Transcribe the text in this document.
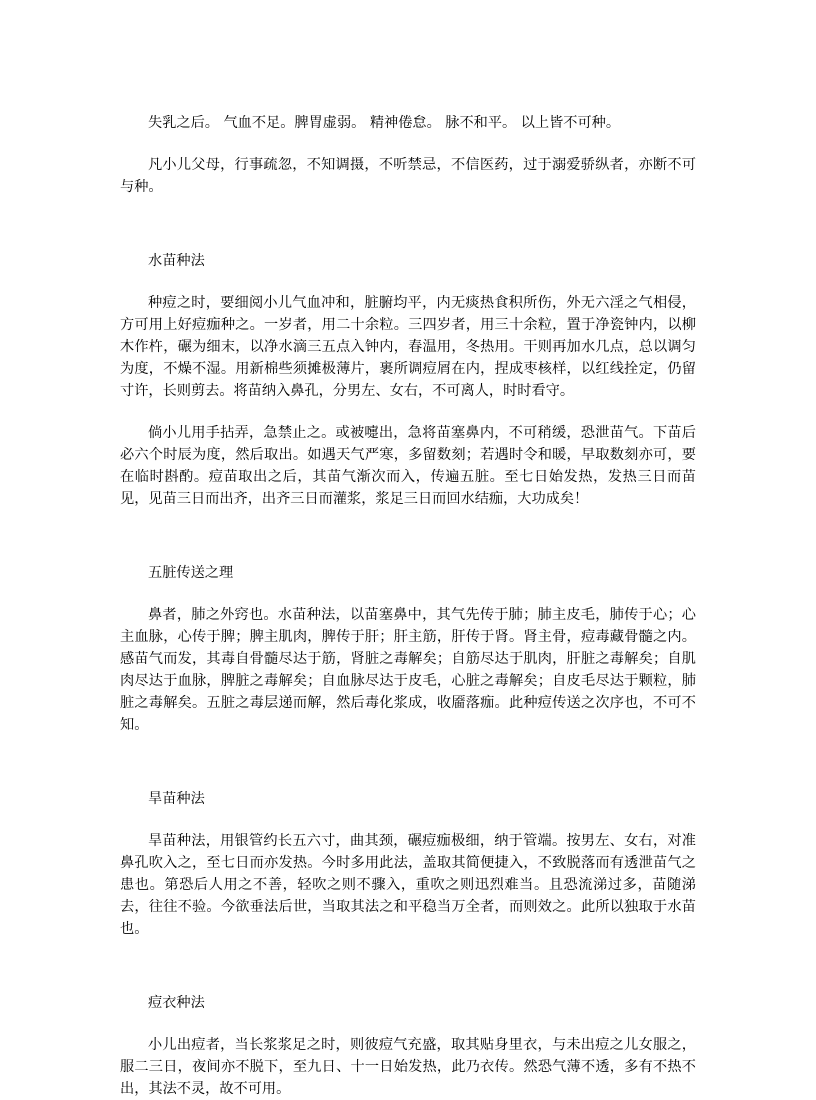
失乳之后。 气血不足。脾胃虚弱。 精神倦怠。 脉不和平。 以上皆不可种。

凡小儿父母，行事疏忽，不知调摄，不听禁忌，不信医药，过于溺爱骄纵者，亦断不可与种。

水苗种法

种痘之时，要细阅小儿气血冲和，脏腑均平，内无痰热食积所伤，外无六淫之气相侵，方可用上好痘痂种之。一岁者，用二十余粒。三四岁者，用三十余粒，置于净瓷钟内，以柳木作杵，碾为细末，以净水滴三五点入钟内，春温用，冬热用。干则再加水几点，总以调匀为度，不燥不湿。用新棉些须摊极薄片，裹所调痘屑在内，捏成枣核样，以红线拴定，仍留寸许，长则剪去。将苗纳入鼻孔，分男左、女右，不可离人，时时看守。

倘小儿用手拈弄，急禁止之。或被嚏出，急将苗塞鼻内，不可稍缓，恐泄苗气。下苗后必六个时辰为度，然后取出。如遇天气严寒，多留数刻；若遇时令和暖，早取数刻亦可，要在临时斟酌。痘苗取出之后，其苗气渐次而入，传遍五脏。至七日始发热，发热三日而苗见，见苗三日而出齐，出齐三日而灌浆，浆足三日而回水结痂，大功成矣！

五脏传送之理

鼻者，肺之外窍也。水苗种法，以苗塞鼻中，其气先传于肺；肺主皮毛，肺传于心；心主血脉，心传于脾；脾主肌肉，脾传于肝；肝主筋，肝传于肾。肾主骨，痘毒藏骨髓之内。感苗气而发，其毒自骨髓尽达于筋，肾脏之毒解矣；自筋尽达于肌肉，肝脏之毒解矣；自肌肉尽达于血脉，脾脏之毒解矣；自血脉尽达于皮毛，心脏之毒解矣；自皮毛尽达于颗粒，肺脏之毒解矣。五脏之毒层递而解，然后毒化浆成，收靥落痂。此种痘传送之次序也，不可不知。

旱苗种法

旱苗种法，用银管约长五六寸，曲其颈，碾痘痂极细，纳于管端。按男左、女右，对准鼻孔吹入之，至七日而亦发热。今时多用此法，盖取其简便捷入，不致脱落而有透泄苗气之患也。第恐后人用之不善，轻吹之则不骤入，重吹之则迅烈难当。且恐流涕过多，苗随涕去，往往不验。今欲垂法后世，当取其法之和平稳当万全者，而则效之。此所以独取于水苗也。

痘衣种法

小儿出痘者，当长浆浆足之时，则彼痘气充盛，取其贴身里衣，与未出痘之儿女服之，服二三日，夜间亦不脱下，至九日、十一日始发热，此乃衣传。然恐气薄不透，多有不热不出，其法不灵，故不可用。
